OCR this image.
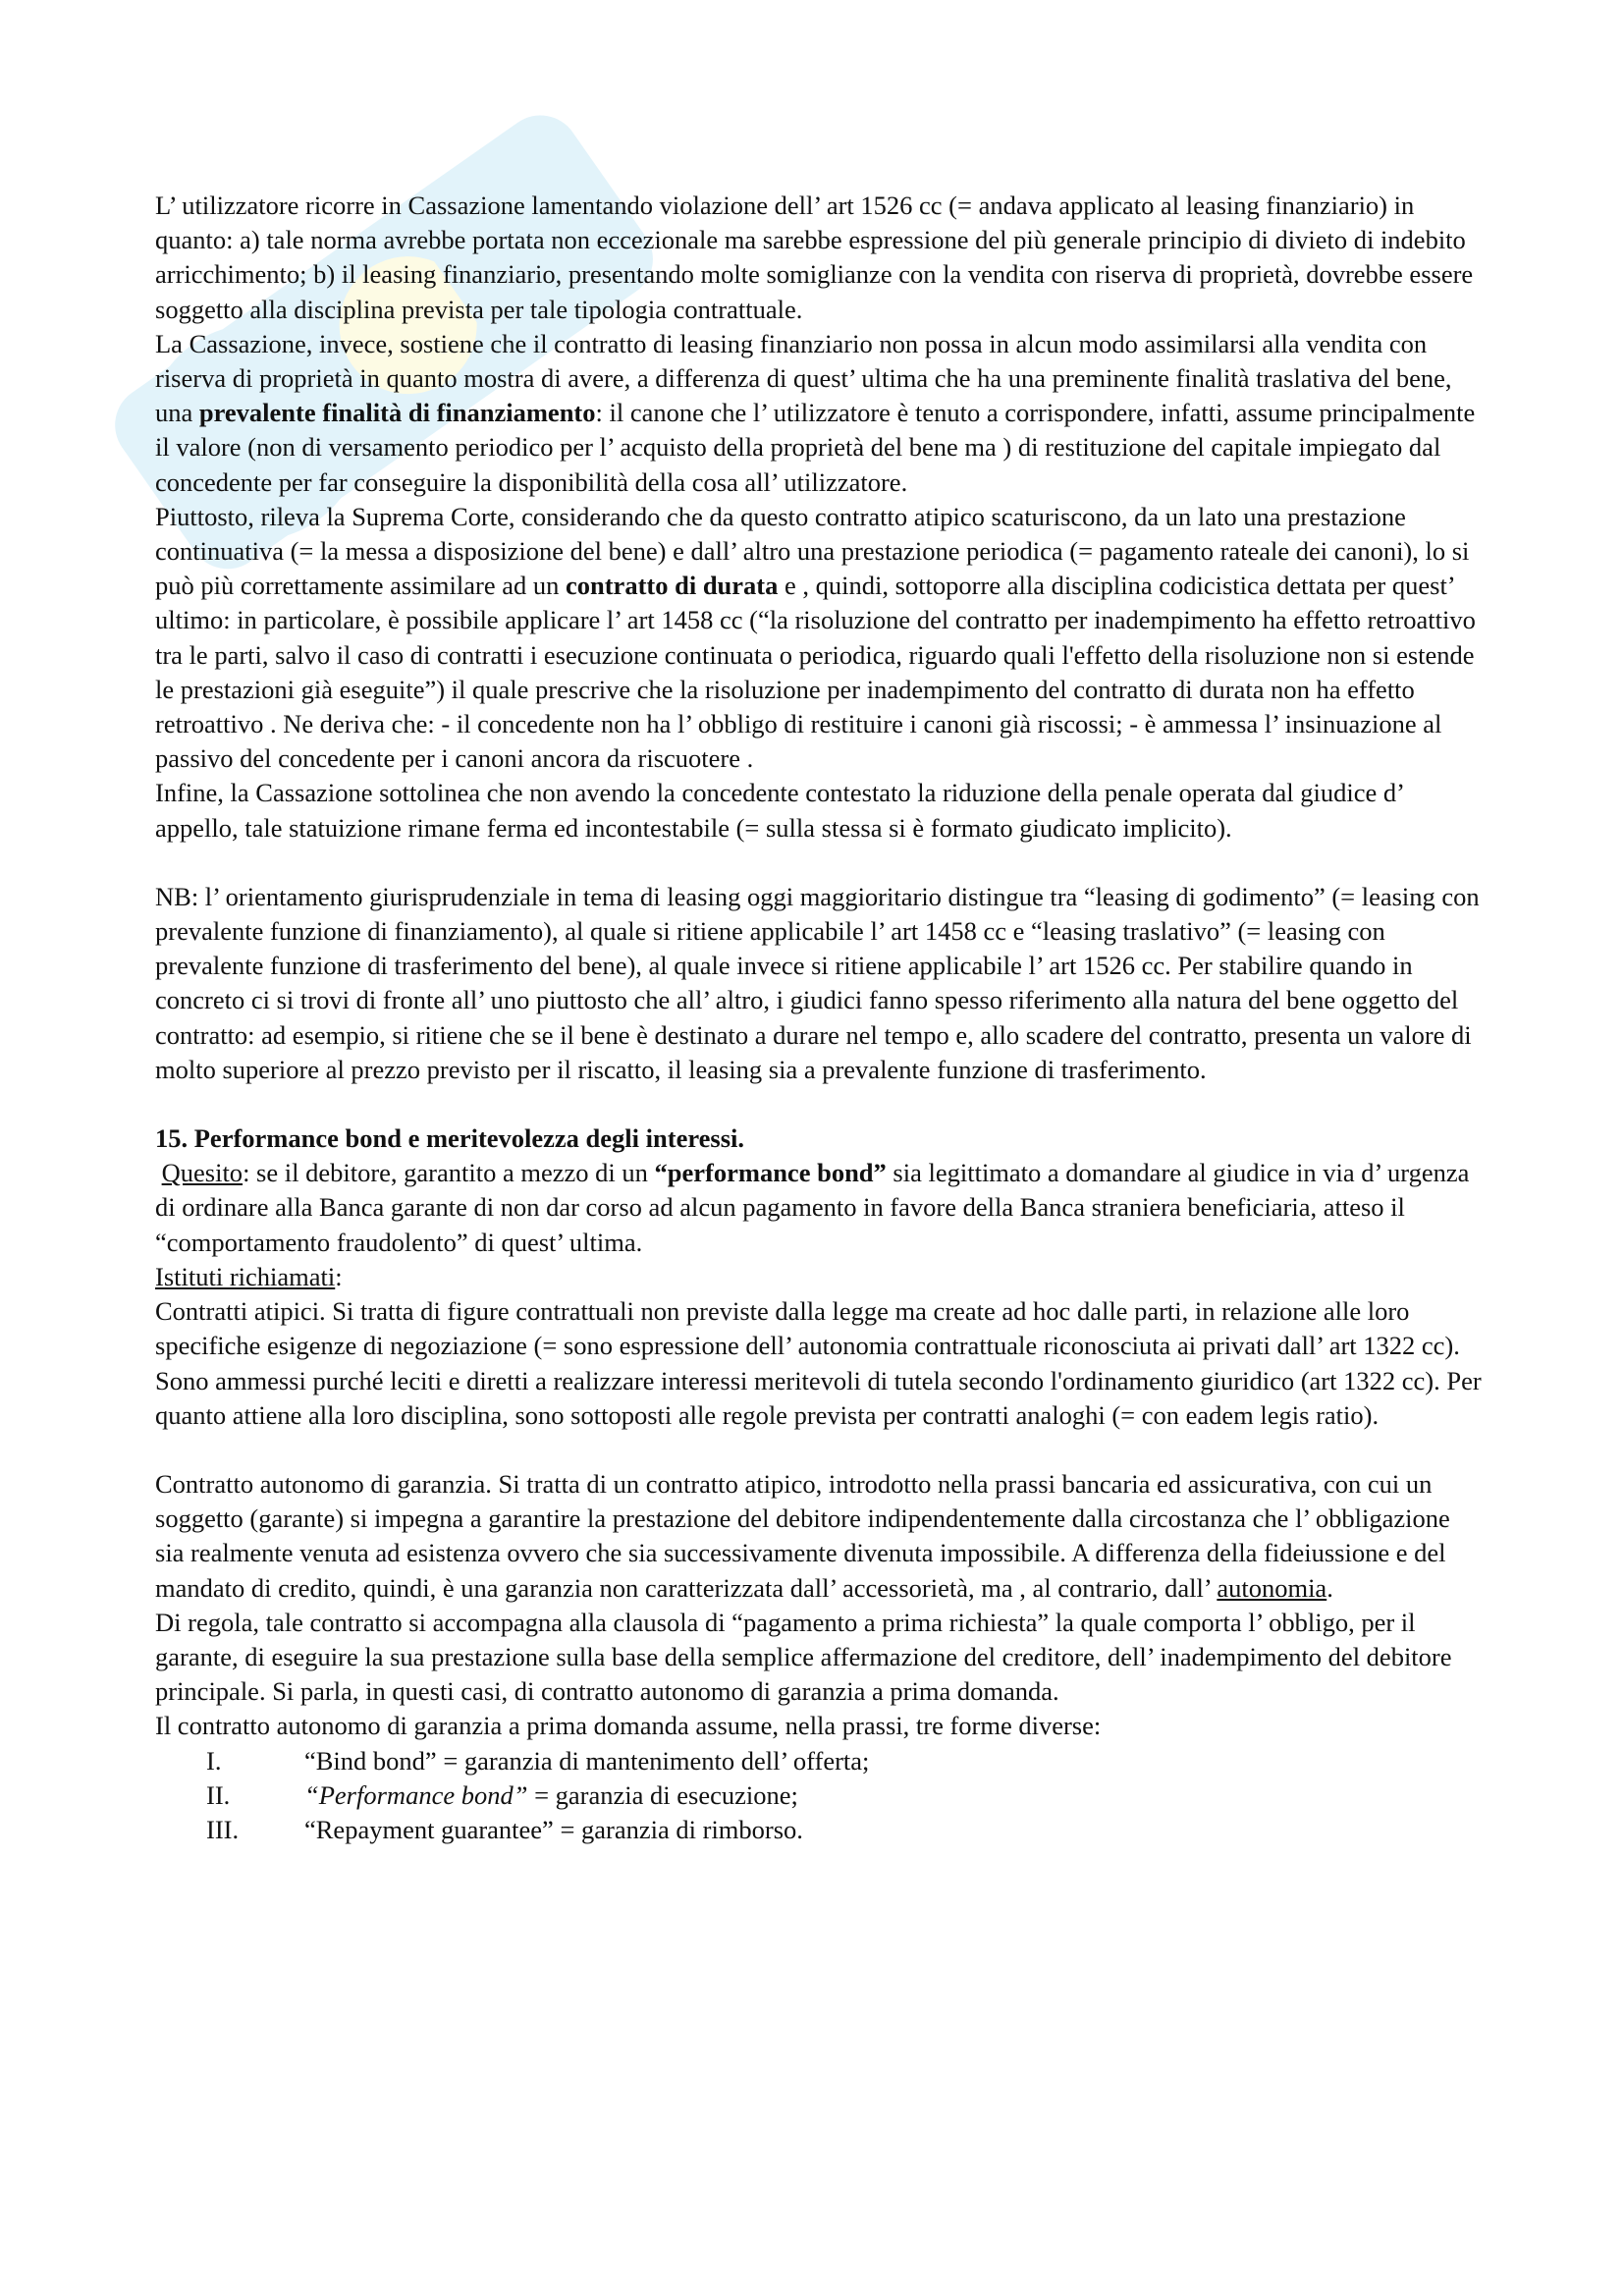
L’ utilizzatore ricorre in Cassazione lamentando violazione dell’ art 1526 cc (= andava applicato al leasing finanziario) in quanto: a) tale norma avrebbe portata non eccezionale ma sarebbe espressione del più generale principio di divieto di indebito arricchimento; b) il leasing finanziario, presentando molte somiglianze con la vendita con riserva di proprietà, dovrebbe essere soggetto alla disciplina prevista per tale tipologia contrattuale.

La Cassazione, invece, sostiene che il contratto di leasing finanziario non possa in alcun modo assimilarsi alla vendita con riserva di proprietà in quanto mostra di avere, a differenza di quest’ ultima che ha una preminente finalità traslativa del bene, una prevalente finalità di finanziamento: il canone che l’ utilizzatore è tenuto a corrispondere, infatti, assume principalmente il valore (non di versamento periodico per l’ acquisto della proprietà del bene ma ) di restituzione del capitale impiegato dal concedente per far conseguire la disponibilità della cosa all’ utilizzatore.

Piuttosto, rileva la Suprema Corte, considerando che da questo contratto atipico scaturiscono, da un lato una prestazione continuativa (= la messa a disposizione del bene) e dall’ altro una prestazione periodica (= pagamento rateale dei canoni), lo si può più correttamente assimilare ad un contratto di durata e , quindi, sottoporre alla disciplina codicistica dettata per quest’ ultimo: in particolare, è possibile applicare l’ art 1458 cc (“la risoluzione del contratto per inadempimento ha effetto retroattivo tra le parti, salvo il caso di contratti i esecuzione continuata o periodica, riguardo quali l'effetto della risoluzione non si estende le prestazioni già eseguite”) il quale prescrive che la risoluzione per inadempimento del contratto di durata non ha effetto retroattivo . Ne deriva che: - il concedente non ha l’ obbligo di restituire i canoni già riscossi; - è ammessa l’ insinuazione al passivo del concedente per i canoni ancora da riscuotere .

Infine, la Cassazione sottolinea che non avendo la concedente contestato la riduzione della penale operata dal giudice d’ appello, tale statuizione rimane ferma ed incontestabile (= sulla stessa si è formato giudicato implicito).

NB: l’ orientamento giurisprudenziale in tema di leasing oggi maggioritario distingue tra “leasing di godimento” (= leasing con prevalente funzione di finanziamento), al quale si ritiene applicabile l’ art 1458 cc e “leasing traslativo” (= leasing con prevalente funzione di trasferimento del bene), al quale invece si ritiene applicabile l’ art 1526 cc. Per stabilire quando in concreto ci si trovi di fronte all’ uno piuttosto che all’ altro, i giudici fanno spesso riferimento alla natura del bene oggetto del contratto: ad esempio, si ritiene che se il bene è destinato a durare nel tempo e, allo scadere del contratto, presenta un valore di molto superiore al prezzo previsto per il riscatto, il leasing sia a prevalente funzione di trasferimento.

15. Performance bond e meritevolezza degli interessi.

Quesito: se il debitore, garantito a mezzo di un “performance bond” sia legittimato a domandare al giudice in via d’ urgenza di ordinare alla Banca garante di non dar corso ad alcun pagamento in favore della Banca straniera beneficiaria, atteso il “comportamento fraudolento” di quest’ ultima.

Istituti richiamati:

Contratti atipici. Si tratta di figure contrattuali non previste dalla legge ma create ad hoc dalle parti, in relazione alle loro specifiche esigenze di negoziazione (= sono espressione dell’ autonomia contrattuale riconosciuta ai privati dall’ art 1322 cc). Sono ammessi purché leciti e diretti a realizzare interessi meritevoli di tutela secondo l'ordinamento giuridico (art 1322 cc). Per quanto attiene alla loro disciplina, sono sottoposti alle regole prevista per contratti analoghi (= con eadem legis ratio).

Contratto autonomo di garanzia. Si tratta di un contratto atipico, introdotto nella prassi bancaria ed assicurativa, con cui un soggetto (garante) si impegna a garantire la prestazione del debitore indipendentemente dalla circostanza che l’ obbligazione sia realmente venuta ad esistenza ovvero che sia successivamente divenuta impossibile. A differenza della fideiussione e del mandato di credito, quindi, è una garanzia non caratterizzata dall’ accessorietà, ma , al contrario, dall’ autonomia.

Di regola, tale contratto si accompagna alla clausola di “pagamento a prima richiesta” la quale comporta l’ obbligo, per il garante, di eseguire la sua prestazione sulla base della semplice affermazione del creditore, dell’ inadempimento del debitore principale. Si parla, in questi casi, di contratto autonomo di garanzia a prima domanda.

Il contratto autonomo di garanzia a prima domanda assume, nella prassi, tre forme diverse:

I.	“Bind bond” = garanzia di mantenimento dell’ offerta;
II.	“Performance bond” = garanzia di esecuzione;
III.	“Repayment guarantee” = garanzia di rimborso.
